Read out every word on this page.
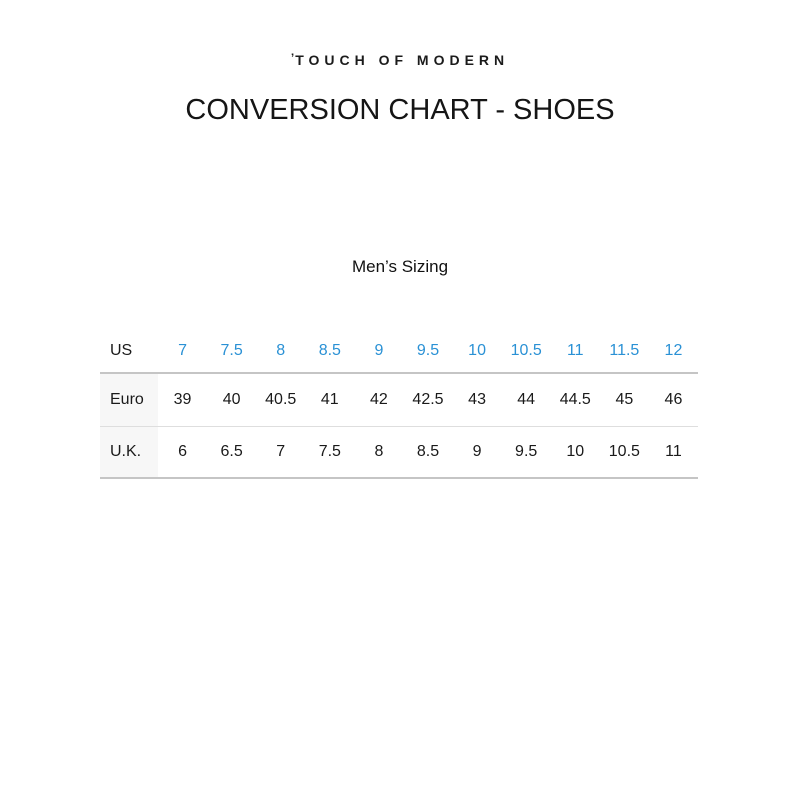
ʼTOUCH OF MODERN
CONVERSION CHART - SHOES
Men’s Sizing
US	7	7.5	8	8.5	9	9.5	10	10.5	11	11.5	12
Euro	39	40	40.5	41	42	42.5	43	44	44.5	45	46
U.K.	6	6.5	7	7.5	8	8.5	9	9.5	10	10.5	11
